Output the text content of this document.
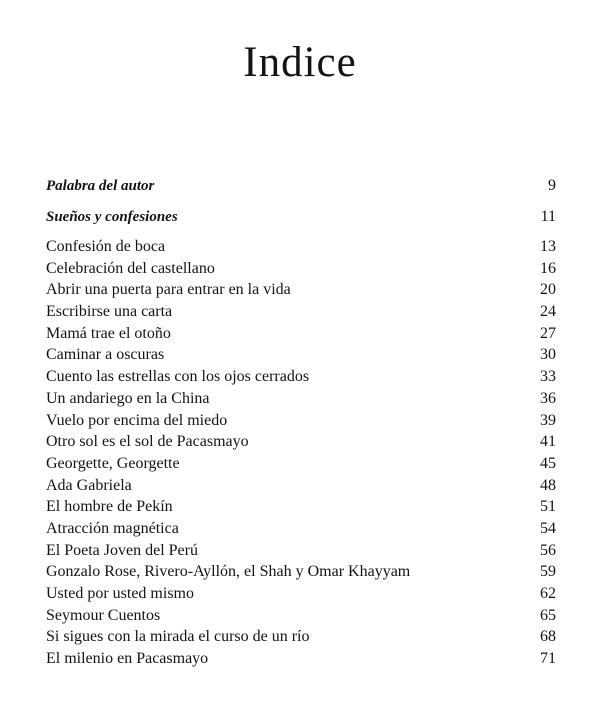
Indice
Palabra del autor	9
Sueños y confesiones	11
Confesión de boca	13
Celebración del castellano	16
Abrir una puerta para entrar en la vida	20
Escribirse una carta	24
Mamá trae el otoño	27
Caminar a oscuras	30
Cuento las estrellas con los ojos cerrados	33
Un andariego en la China	36
Vuelo por encima del miedo	39
Otro sol es el sol de Pacasmayo	41
Georgette, Georgette	45
Ada Gabriela	48
El hombre de Pekín	51
Atracción magnética	54
El Poeta Joven del Perú	56
Gonzalo Rose, Rivero-Ayllón, el Shah y Omar Khayyam	59
Usted por usted mismo	62
Seymour Cuentos	65
Si sigues con la mirada el curso de un río	68
El milenio en Pacasmayo	71
